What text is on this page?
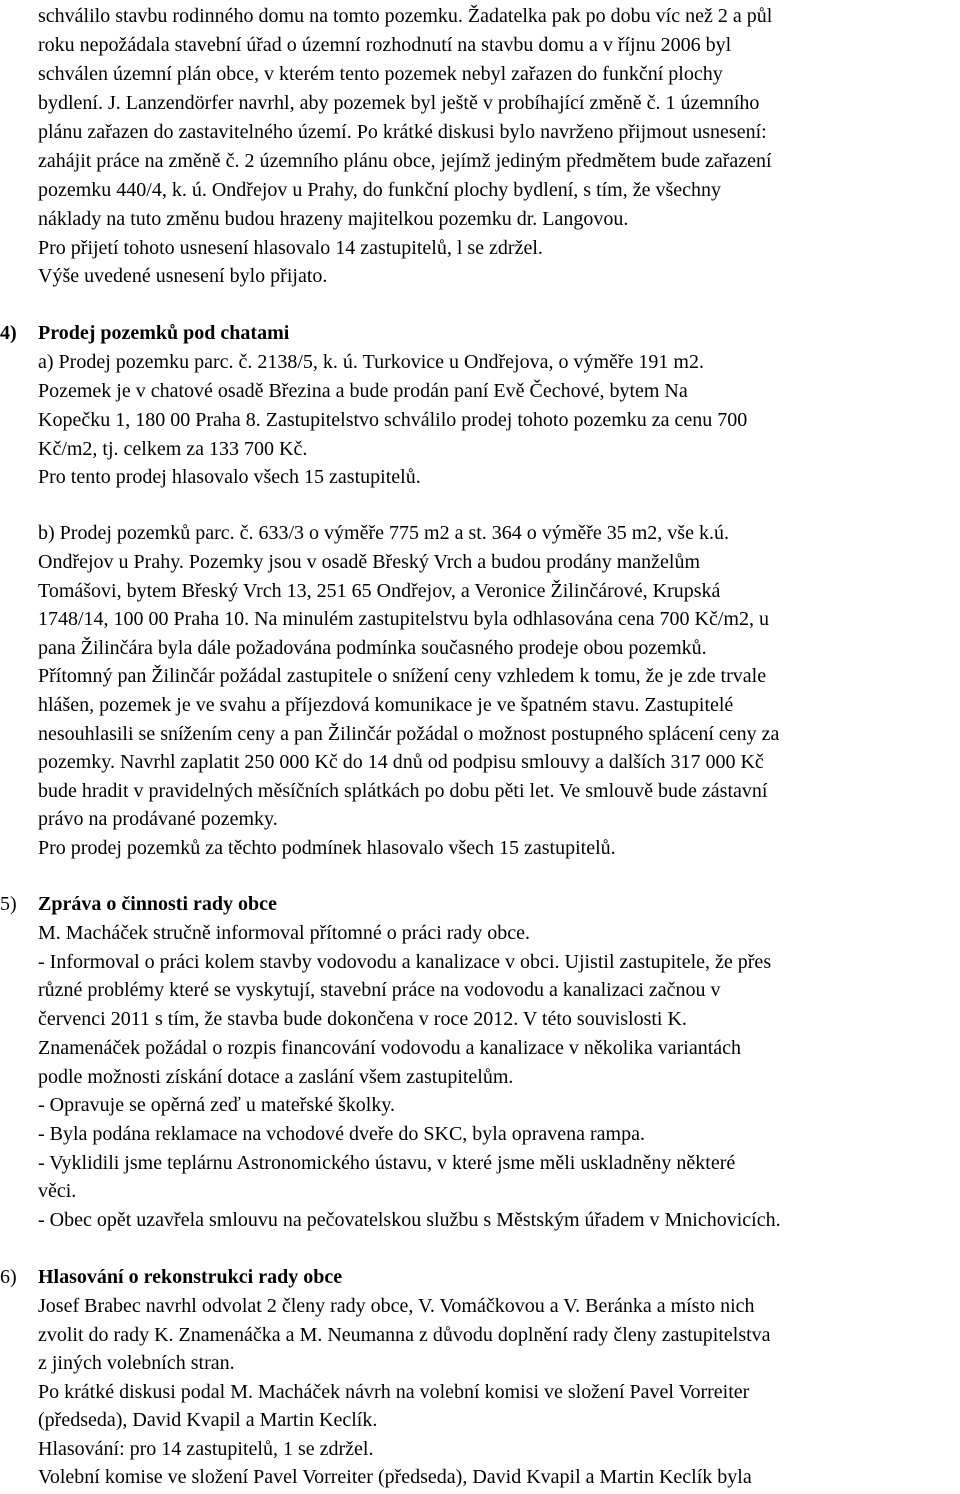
schválilo stavbu rodinného domu na tomto pozemku. Žadatelka pak po dobu víc než 2 a půl
roku nepožádala stavební úřad o územní rozhodnutí na stavbu domu a v říjnu 2006 byl
schválen územní plán obce, v kterém tento pozemek nebyl zařazen do funkční plochy
bydlení. J. Lanzendörfer navrhl, aby pozemek byl ještě v probíhající změně č. 1 územního
plánu zařazen do zastavitelného území. Po krátké diskusi bylo navrženo přijmout usnesení:
zahájit práce na změně č. 2 územního plánu obce, jejímž jediným předmětem bude zařazení
pozemku 440/4, k. ú. Ondřejov u Prahy, do funkční plochy bydlení, s tím, že všechny
náklady na tuto změnu budou hrazeny majitelkou pozemku dr. Langovou.
Pro přijetí tohoto usnesení hlasovalo 14 zastupitelů, l se zdržel.
Výše uvedené usnesení bylo přijato.
4) Prodej pozemků pod chatami
a) Prodej pozemku parc. č. 2138/5, k. ú. Turkovice u Ondřejova, o výměře 191 m2.
Pozemek je v chatové osadě Březina a bude prodán paní Evě Čechové, bytem Na
Kopečku 1, 180 00 Praha 8. Zastupitelstvo schválilo prodej tohoto pozemku za cenu 700
Kč/m2, tj. celkem za 133 700 Kč.
Pro tento prodej hlasovalo všech 15 zastupitelů.
b) Prodej pozemků parc. č. 633/3 o výměře 775 m2 a st. 364 o výměře 35 m2, vše k.ú.
Ondřejov u Prahy. Pozemky jsou v osadě Břeský Vrch a budou prodány manželům
Tomášovi, bytem Břeský Vrch 13, 251 65 Ondřejov, a Veronice Žilinčárové, Krupská
1748/14, 100 00 Praha 10. Na minulém zastupitelstvu byla odhlasována cena 700 Kč/m2, u
pana Žilinčára byla dále požadována podmínka současného prodeje obou pozemků.
Přítomný pan Žilinčár požádal zastupitele o snížení ceny vzhledem k tomu, že je zde trvale
hlášen, pozemek je ve svahu a příjezdová komunikace je ve špatném stavu. Zastupitelé
nesouhlasili se snížením ceny a pan Žilinčár požádal o možnost postupného splácení ceny za
pozemky. Navrhl zaplatit 250 000 Kč do 14 dnů od podpisu smlouvy a dalších 317 000 Kč
bude hradit v pravidelných měsíčních splátkách po dobu pěti let. Ve smlouvě bude zástavní
právo na prodávané pozemky.
Pro prodej pozemků za těchto podmínek hlasovalo všech 15 zastupitelů.
5) Zpráva o činnosti rady obce
M. Macháček stručně informoval přítomné o práci rady obce.
- Informoval o práci kolem stavby vodovodu a kanalizace v obci. Ujistil zastupitele, že přes
různé problémy které se vyskytují, stavební práce na vodovodu a kanalizaci začnou v
červenci 2011 s tím, že stavba bude dokončena v roce 2012. V této souvislosti K.
Znamenáček požádal o rozpis financování vodovodu a kanalizace v několika variantách
podle možnosti získání dotace a zaslání všem zastupitelům.
- Opravuje se opěrná zeď u mateřské školky.
- Byla podána reklamace na vchodové dveře do SKC, byla opravena rampa.
- Vyklidili jsme teplárnu Astronomického ústavu, v které jsme měli uskladněny některé
věci.
- Obec opět uzavřela smlouvu na pečovatelskou službu s Městským úřadem v Mnichovicích.
6) Hlasování o rekonstrukci rady obce
Josef Brabec navrhl odvolat 2 členy rady obce, V. Vomáčkovou a V. Beránka a místo nich
zvolit do rady K. Znamenáčka a M. Neumanna z důvodu doplnění rady členy zastupitelstva
z jiných volebních stran.
Po krátké diskusi podal M. Macháček návrh na volební komisi ve složení Pavel Vorreiter
(předseda), David Kvapil a Martin Keclík.
Hlasování: pro 14 zastupitelů, 1 se zdržel.
Volební komise ve složení Pavel Vorreiter (předseda), David Kvapil a Martin Keclík byla
